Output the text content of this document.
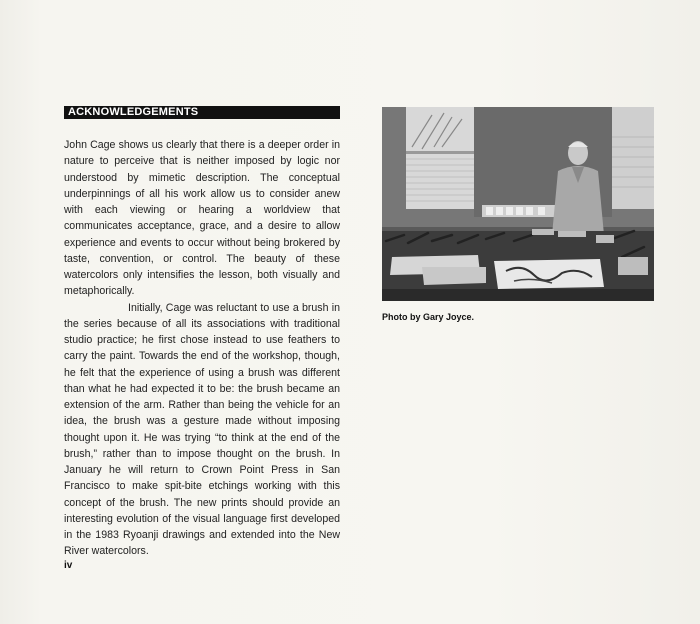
ACKNOWLEDGEMENTS

John Cage shows us clearly that there is a deeper order in nature to perceive that is neither imposed by logic nor understood by mimetic description. The conceptual underpinnings of all his work allow us to consider anew with each viewing or hearing a worldview that communicates acceptance, grace, and a desire to allow experience and events to occur without being brokered by taste, convention, or control. The beauty of these watercolors only intensifies the lesson, both visually and metaphorically.

Initially, Cage was reluctant to use a brush in the series because of all its associations with traditional studio practice; he first chose instead to use feathers to carry the paint. Towards the end of the workshop, though, he felt that the experience of using a brush was different than what he had expected it to be: the brush became an extension of the arm. Rather than being the vehicle for an idea, the brush was a gesture made without imposing thought upon it. He was trying “to think at the end of the brush,” rather than to impose thought on the brush. In January he will return to Crown Point Press in San Francisco to make spit-bite etchings working with this concept of the brush. The new prints should provide an interesting evolution of the visual language first developed in the 1983 Ryoanji drawings and extended into the New River watercolors.

Photo by Gary Joyce.
iv
